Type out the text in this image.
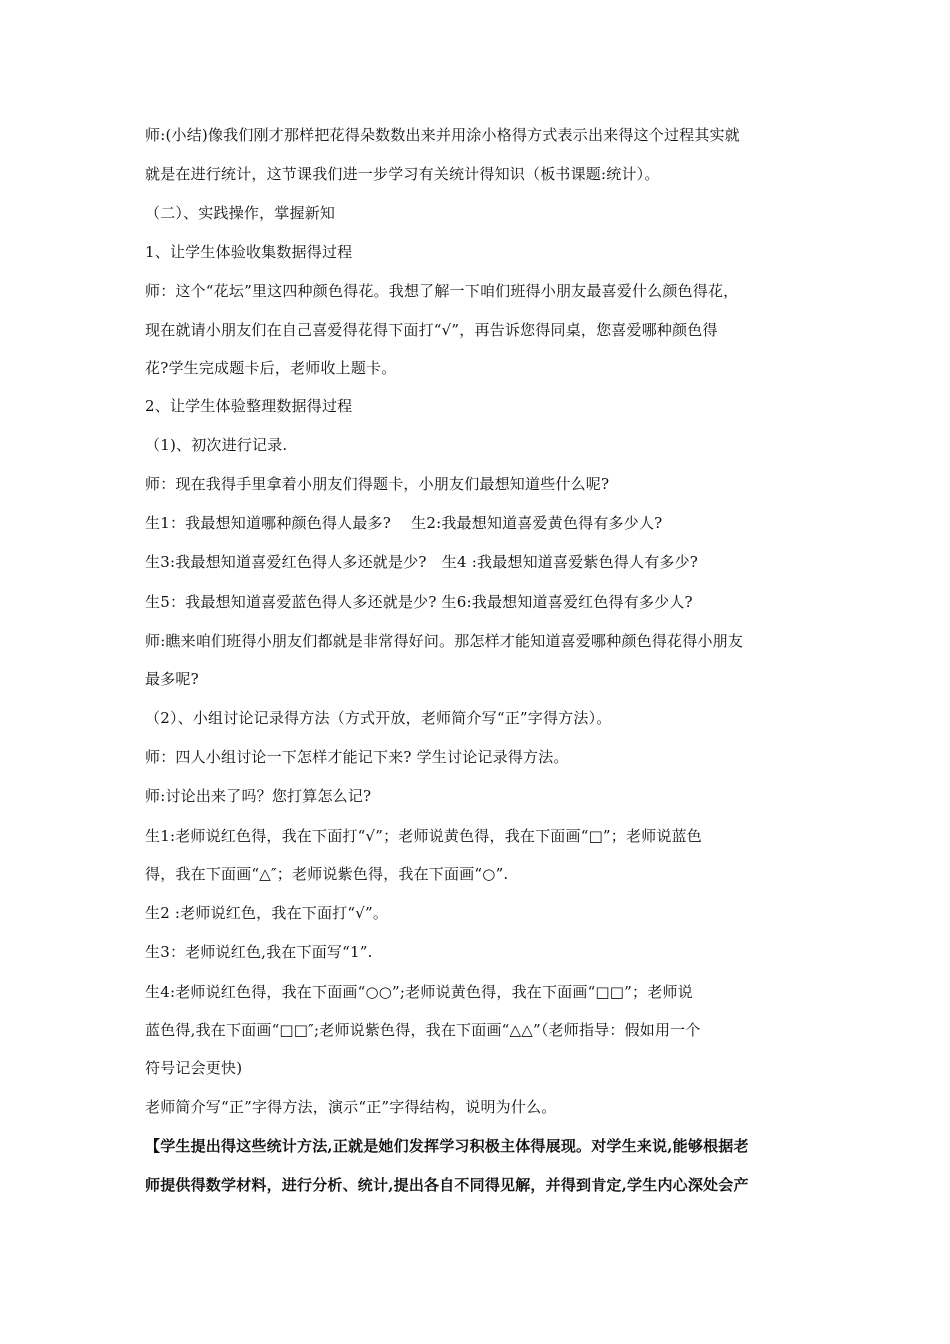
师:(小结)像我们刚才那样把花得朵数数出来并用涂小格得方式表示出来得这个过程其实就
就是在进行统计，这节课我们进一步学习有关统计得知识（板书课题:统计）。
（二）、实践操作，掌握新知
1、让学生体验收集数据得过程
师：这个“花坛”里这四种颜色得花。我想了解一下咱们班得小朋友最喜爱什么颜色得花，
现在就请小朋友们在自己喜爱得花得下面打“√”，再告诉您得同桌，您喜爱哪种颜色得
花?学生完成题卡后，老师收上题卡。
2、让学生体验整理数据得过程
（1)、初次进行记录.
师：现在我得手里拿着小朋友们得题卡，小朋友们最想知道些什么呢?
生1：我最想知道哪种颜色得人最多?　 生2:我最想知道喜爱黄色得有多少人?
生3:我最想知道喜爱红色得人多还就是少?　生4 :我最想知道喜爱紫色得人有多少?
生5：我最想知道喜爱蓝色得人多还就是少? 生6:我最想知道喜爱红色得有多少人?
师:瞧来咱们班得小朋友们都就是非常得好问。那怎样才能知道喜爱哪种颜色得花得小朋友
最多呢?
（2）、小组讨论记录得方法（方式开放，老师简介写“正”字得方法）。
师：四人小组讨论一下怎样才能记下来? 学生讨论记录得方法。
师:讨论出来了吗？您打算怎么记?
生1:老师说红色得，我在下面打“√”；老师说黄色得，我在下面画“□”；老师说蓝色
得，我在下面画“△″；老师说紫色得，我在下面画“○”.
生2 :老师说红色，我在下面打“√”。
生3：老师说红色,我在下面写“1”.
生4:老师说红色得，我在下面画“○○”;老师说黄色得，我在下面画“□□”；老师说
蓝色得,我在下面画“□□″;老师说紫色得，我在下面画“△△”（老师指导：假如用一个
符号记会更快)
老师简介写“正”字得方法，演示“正”字得结构，说明为什么。
【学生提出得这些统计方法,正就是她们发挥学习积极主体得展现。对学生来说,能够根据老
师提供得数学材料，进行分析、统计,提出各自不同得见解，并得到肯定,学生内心深处会产
